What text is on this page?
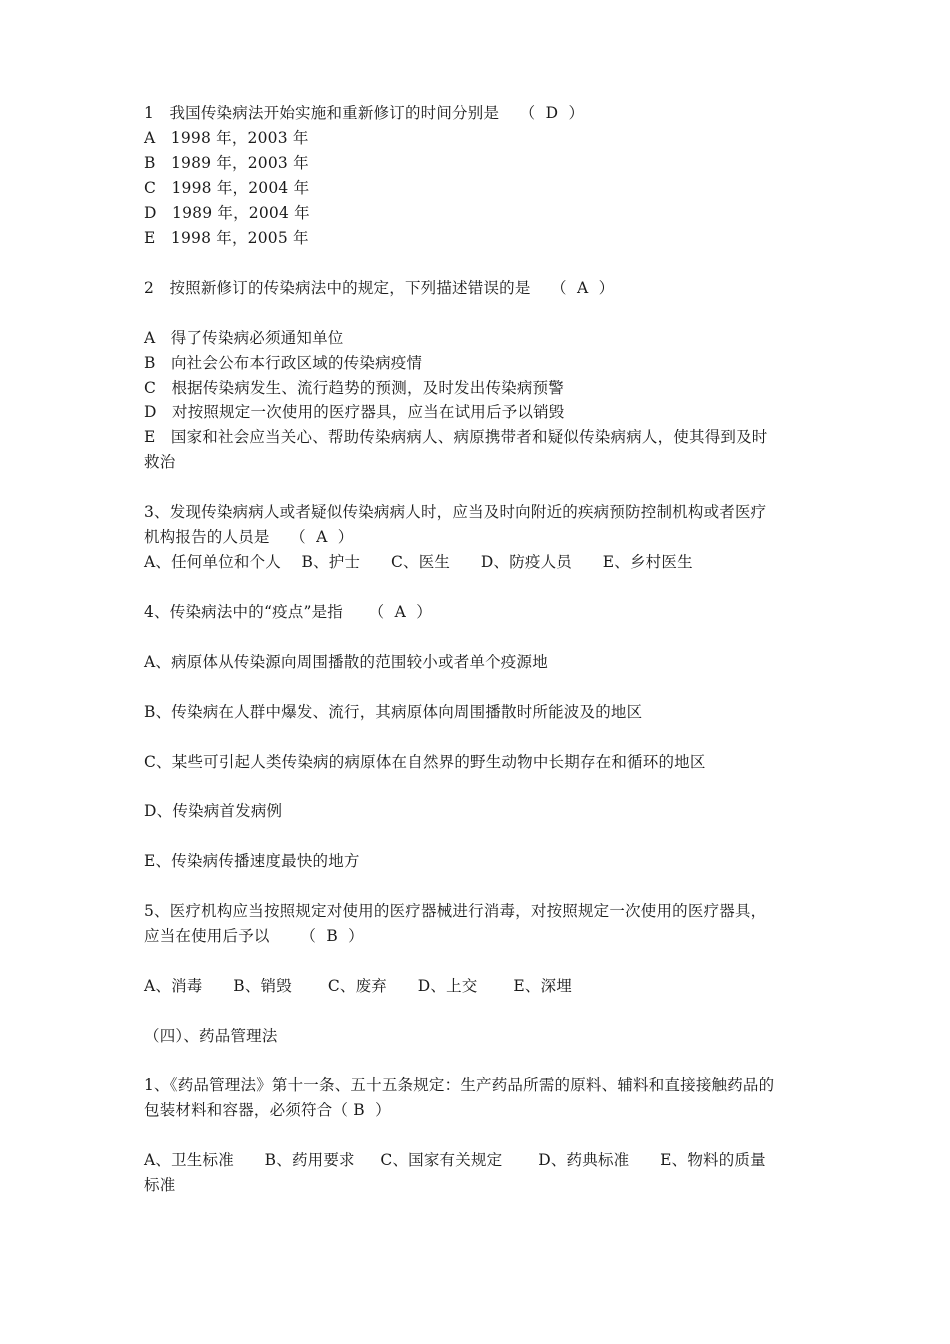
1   我国传染病法开始实施和重新修订的时间分别是    （  D  ）
A   1998 年，2003 年
B   1989 年，2003 年
C   1998 年，2004 年
D   1989 年，2004 年
E   1998 年，2005 年
2   按照新修订的传染病法中的规定，下列描述错误的是    （  A  ）
A   得了传染病必须通知单位
B   向社会公布本行政区域的传染病疫情
C   根据传染病发生、流行趋势的预测，及时发出传染病预警
D   对按照规定一次使用的医疗器具，应当在试用后予以销毁
E   国家和社会应当关心、帮助传染病病人、病原携带者和疑似传染病病人，使其得到及时
救治
3、发现传染病病人或者疑似传染病病人时，应当及时向附近的疾病预防控制机构或者医疗
机构报告的人员是    （  A  ）
A、任何单位和个人    B、护士      C、医生      D、防疫人员      E、乡村医生
4、传染病法中的“疫点”是指     （  A  ）
A、病原体从传染源向周围播散的范围较小或者单个疫源地
B、传染病在人群中爆发、流行，其病原体向周围播散时所能波及的地区
C、某些可引起人类传染病的病原体在自然界的野生动物中长期存在和循环的地区
D、传染病首发病例
E、传染病传播速度最快的地方
5、医疗机构应当按照规定对使用的医疗器械进行消毒，对按照规定一次使用的医疗器具，
应当在使用后予以      （  B  ）
A、消毒      B、销毁       C、废弃      D、上交       E、深埋
（四）、药品管理法
1、《药品管理法》第十一条、五十五条规定：生产药品所需的原料、辅料和直接接触药品的
包装材料和容器，必须符合（ B  ）
A、卫生标准      B、药用要求     C、国家有关规定       D、药典标准      E、物料的质量
标准
